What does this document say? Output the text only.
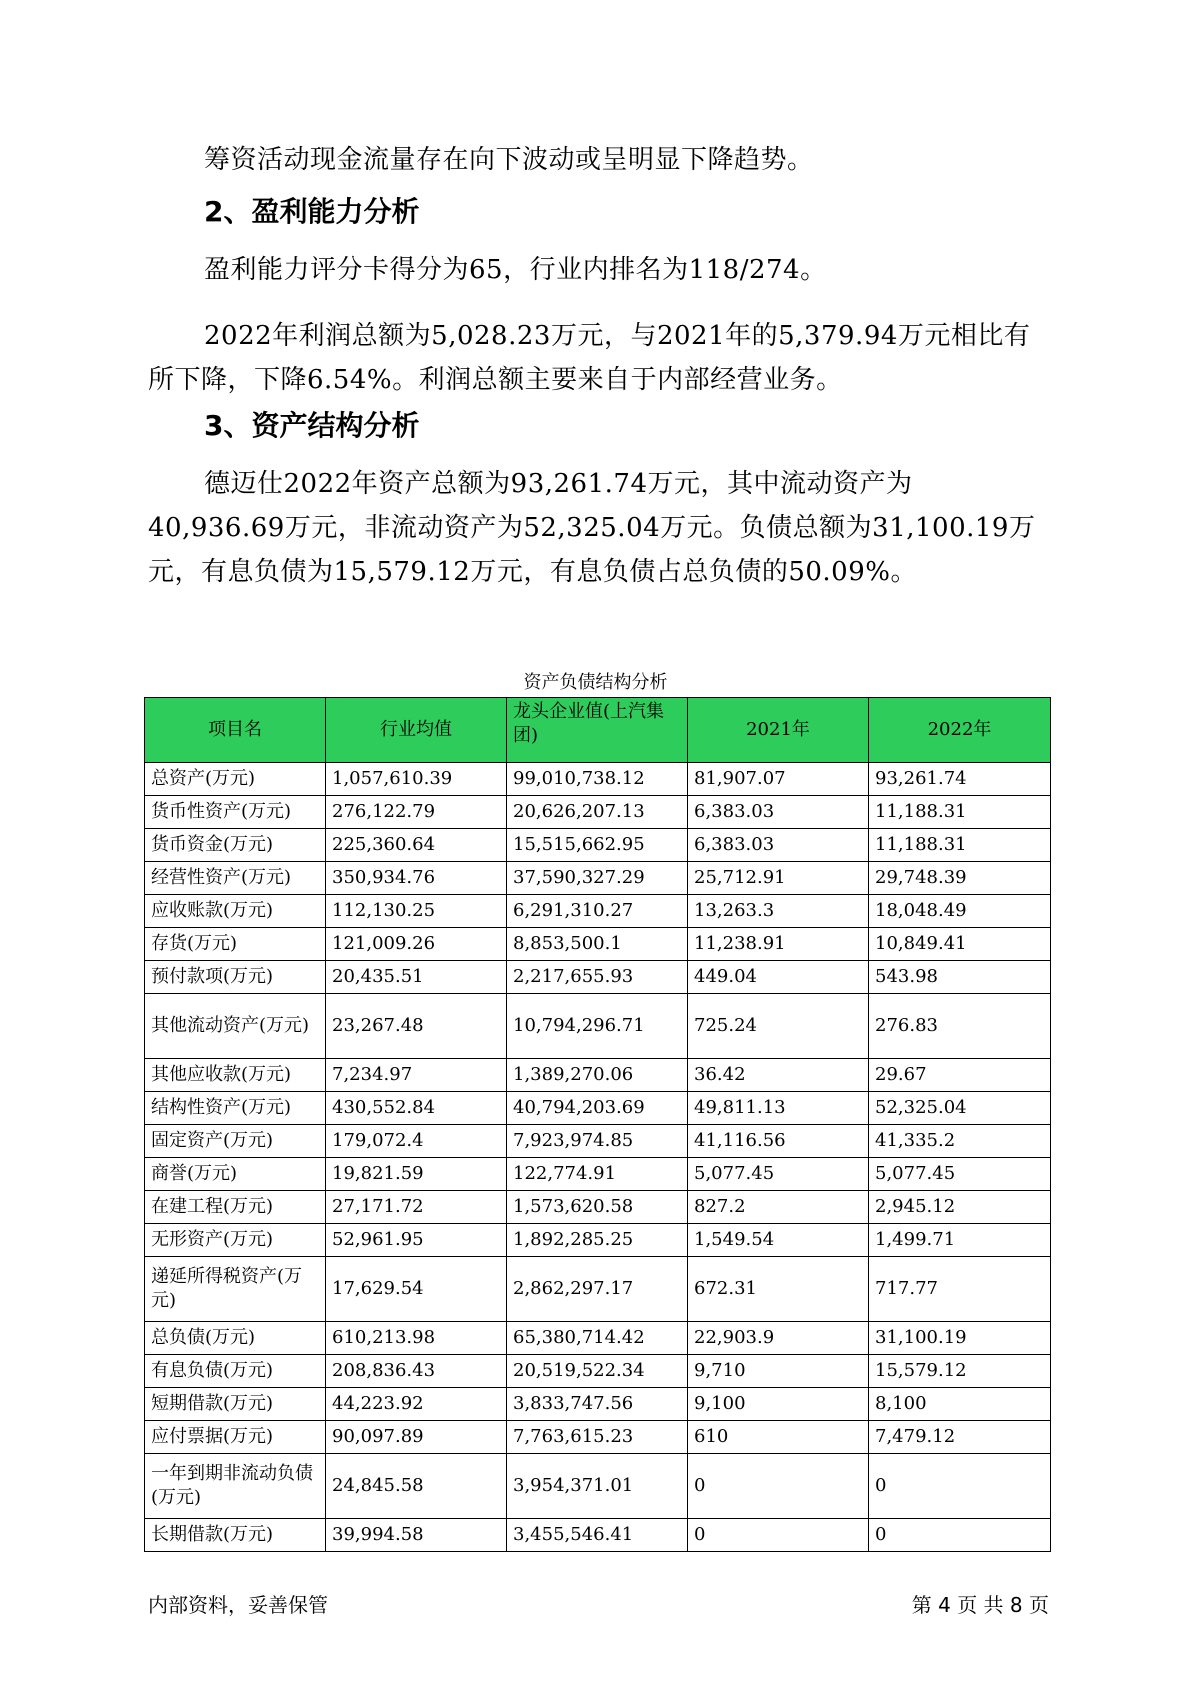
筹资活动现金流量存在向下波动或呈明显下降趋势。
2、盈利能力分析
盈利能力评分卡得分为65，行业内排名为118/274。
2022年利润总额为5,028.23万元，与2021年的5,379.94万元相比有所下降，下降6.54%。利润总额主要来自于内部经营业务。
3、资产结构分析
德迈仕2022年资产总额为93,261.74万元，其中流动资产为40,936.69万元，非流动资产为52,325.04万元。负债总额为31,100.19万元，有息负债为15,579.12万元，有息负债占总负债的50.09%。
资产负债结构分析
项目名	行业均值	龙头企业值(上汽集团)	2021年	2022年
总资产(万元)	1,057,610.39	99,010,738.12	81,907.07	93,261.74
货币性资产(万元)	276,122.79	20,626,207.13	6,383.03	11,188.31
货币资金(万元)	225,360.64	15,515,662.95	6,383.03	11,188.31
经营性资产(万元)	350,934.76	37,590,327.29	25,712.91	29,748.39
应收账款(万元)	112,130.25	6,291,310.27	13,263.3	18,048.49
存货(万元)	121,009.26	8,853,500.1	11,238.91	10,849.41
预付款项(万元)	20,435.51	2,217,655.93	449.04	543.98
其他流动资产(万元)	23,267.48	10,794,296.71	725.24	276.83
其他应收款(万元)	7,234.97	1,389,270.06	36.42	29.67
结构性资产(万元)	430,552.84	40,794,203.69	49,811.13	52,325.04
固定资产(万元)	179,072.4	7,923,974.85	41,116.56	41,335.2
商誉(万元)	19,821.59	122,774.91	5,077.45	5,077.45
在建工程(万元)	27,171.72	1,573,620.58	827.2	2,945.12
无形资产(万元)	52,961.95	1,892,285.25	1,549.54	1,499.71
递延所得税资产(万元)	17,629.54	2,862,297.17	672.31	717.77
总负债(万元)	610,213.98	65,380,714.42	22,903.9	31,100.19
有息负债(万元)	208,836.43	20,519,522.34	9,710	15,579.12
短期借款(万元)	44,223.92	3,833,747.56	9,100	8,100
应付票据(万元)	90,097.89	7,763,615.23	610	7,479.12
一年到期非流动负债(万元)	24,845.58	3,954,371.01	0	0
长期借款(万元)	39,994.58	3,455,546.41	0	0
内部资料，妥善保管	第 4 页 共 8 页
